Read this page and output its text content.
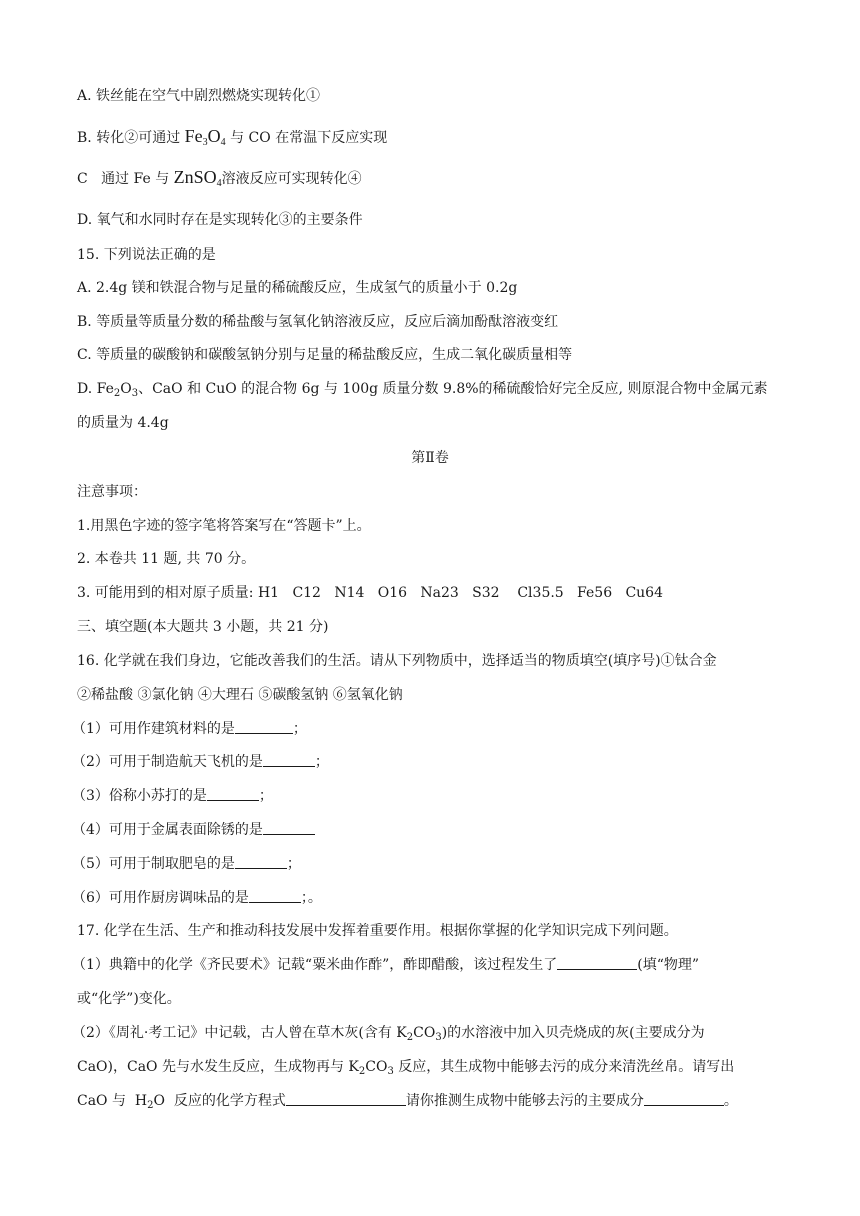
A. 铁丝能在空气中剧烈燃烧实现转化①
B. 转化②可通过 $Fe_3O_4$ 与 CO 在常温下反应实现
C   通过 Fe 与 ZnSO$_4$溶液反应可实现转化④
D. 氧气和水同时存在是实现转化③的主要条件
15. 下列说法正确的是
A. 2.4g 镁和铁混合物与足量的稀硫酸反应，生成氢气的质量小于 0.2g
B. 等质量等质量分数的稀盐酸与氢氧化钠溶液反应，反应后滴加酚酞溶液变红
C. 等质量的碳酸钠和碳酸氢钠分别与足量的稀盐酸反应，生成二氧化碳质量相等
D. $Fe_2O_3$、CaO 和 CuO 的混合物 6g 与 100g 质量分数 9.8%的稀硫酸恰好完全反应, 则原混合物中金属元素
的质量为 4.4g
第Ⅱ卷
注意事项：
1.用黑色字迹的签字笔将答案写在“答题卡”上。
2. 本卷共 11 题, 共 70 分。
3. 可能用到的相对原子质量: H1   C12   N14   O16   Na23   S32    Cl35.5   Fe56   Cu64
三、填空题(本大题共 3 小题，共 21 分)
16. 化学就在我们身边，它能改善我们的生活。请从下列物质中，选择适当的物质填空(填序号)①钛合金
②稀盐酸 ③氯化钠 ④大理石 ⑤碳酸氢钠 ⑥氢氧化钠
（1）可用作建筑材料的是	；
（2）可用于制造航天飞机的是	；
（3）俗称小苏打的是	；
（4）可用于金属表面除锈的是
（5）可用于制取肥皂的是	；
（6）可用作厨房调味品的是	；。
17. 化学在生活、生产和推动科技发展中发挥着重要作用。根据你掌握的化学知识完成下列问题。
（1）典籍中的化学《齐民要术》记载“粟米曲作酢”，酢即醋酸，该过程发生了	(填“物理”
或“化学”)变化。
（2）《周礼·考工记》中记载，古人曾在草木灰(含有 $K_2CO_3$)的水溶液中加入贝壳烧成的灰(主要成分为
CaO)，CaO 先与水发生反应，生成物再与 $K_2CO_3$ 反应，其生成物中能够去污的成分来清洗丝帛。请写出
CaO 与  $H_2O$  反应的化学方程式	请你推测生成物中能够去污的主要成分	。
